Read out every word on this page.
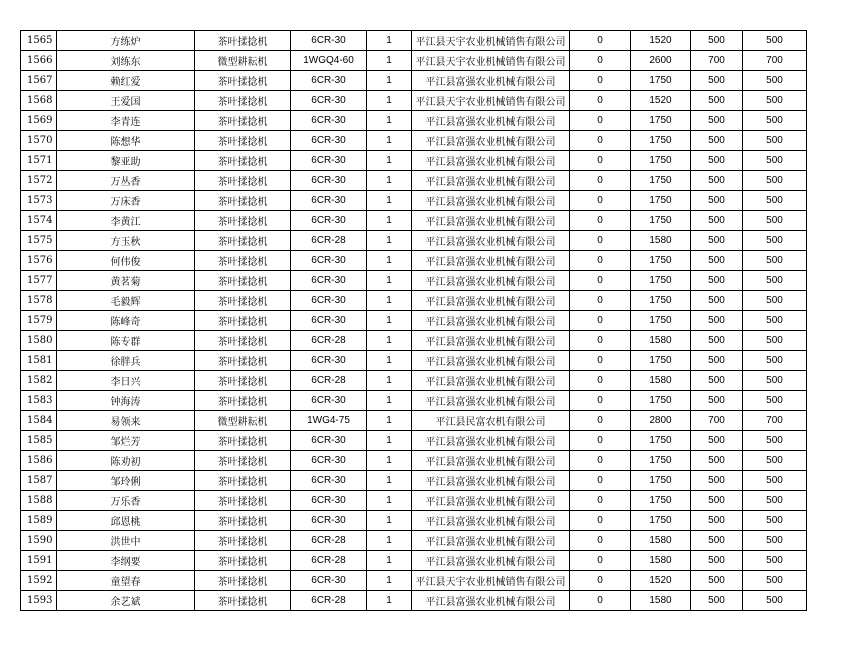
1565	方练炉	茶叶揉捻机	6CR-30	1	平江县天宇农业机械销售有限公司	0	1520	500	500
1566	刘练东	微型耕耘机	1WGQ4-60	1	平江县天宇农业机械销售有限公司	0	2600	700	700
1567	赖红爱	茶叶揉捻机	6CR-30	1	平江县富强农业机械有限公司	0	1750	500	500
1568	王爱国	茶叶揉捻机	6CR-30	1	平江县天宇农业机械销售有限公司	0	1520	500	500
1569	李青连	茶叶揉捻机	6CR-30	1	平江县富强农业机械有限公司	0	1750	500	500
1570	陈想华	茶叶揉捻机	6CR-30	1	平江县富强农业机械有限公司	0	1750	500	500
1571	黎亚助	茶叶揉捻机	6CR-30	1	平江县富强农业机械有限公司	0	1750	500	500
1572	万丛香	茶叶揉捻机	6CR-30	1	平江县富强农业机械有限公司	0	1750	500	500
1573	万床香	茶叶揉捻机	6CR-30	1	平江县富强农业机械有限公司	0	1750	500	500
1574	李黄江	茶叶揉捻机	6CR-30	1	平江县富强农业机械有限公司	0	1750	500	500
1575	方玉秋	茶叶揉捻机	6CR-28	1	平江县富强农业机械有限公司	0	1580	500	500
1576	何伟俊	茶叶揉捻机	6CR-30	1	平江县富强农业机械有限公司	0	1750	500	500
1577	黄茗菊	茶叶揉捻机	6CR-30	1	平江县富强农业机械有限公司	0	1750	500	500
1578	毛毅辉	茶叶揉捻机	6CR-30	1	平江县富强农业机械有限公司	0	1750	500	500
1579	陈峰奇	茶叶揉捻机	6CR-30	1	平江县富强农业机械有限公司	0	1750	500	500
1580	陈专群	茶叶揉捻机	6CR-28	1	平江县富强农业机械有限公司	0	1580	500	500
1581	徐胖兵	茶叶揉捻机	6CR-30	1	平江县富强农业机械有限公司	0	1750	500	500
1582	李日兴	茶叶揉捻机	6CR-28	1	平江县富强农业机械有限公司	0	1580	500	500
1583	钟海涛	茶叶揉捻机	6CR-30	1	平江县富强农业机械有限公司	0	1750	500	500
1584	易领来	微型耕耘机	1WG4-75	1	平江县民富农机有限公司	0	2800	700	700
1585	邹烂芳	茶叶揉捻机	6CR-30	1	平江县富强农业机械有限公司	0	1750	500	500
1586	陈劝初	茶叶揉捻机	6CR-30	1	平江县富强农业机械有限公司	0	1750	500	500
1587	邹玲俐	茶叶揉捻机	6CR-30	1	平江县富强农业机械有限公司	0	1750	500	500
1588	万乐香	茶叶揉捻机	6CR-30	1	平江县富强农业机械有限公司	0	1750	500	500
1589	邱恩桃	茶叶揉捻机	6CR-30	1	平江县富强农业机械有限公司	0	1750	500	500
1590	洪世中	茶叶揉捻机	6CR-28	1	平江县富强农业机械有限公司	0	1580	500	500
1591	李纲要	茶叶揉捻机	6CR-28	1	平江县富强农业机械有限公司	0	1580	500	500
1592	童望春	茶叶揉捻机	6CR-30	1	平江县天宇农业机械销售有限公司	0	1520	500	500
1593	余艺斌	茶叶揉捻机	6CR-28	1	平江县富强农业机械有限公司	0	1580	500	500
